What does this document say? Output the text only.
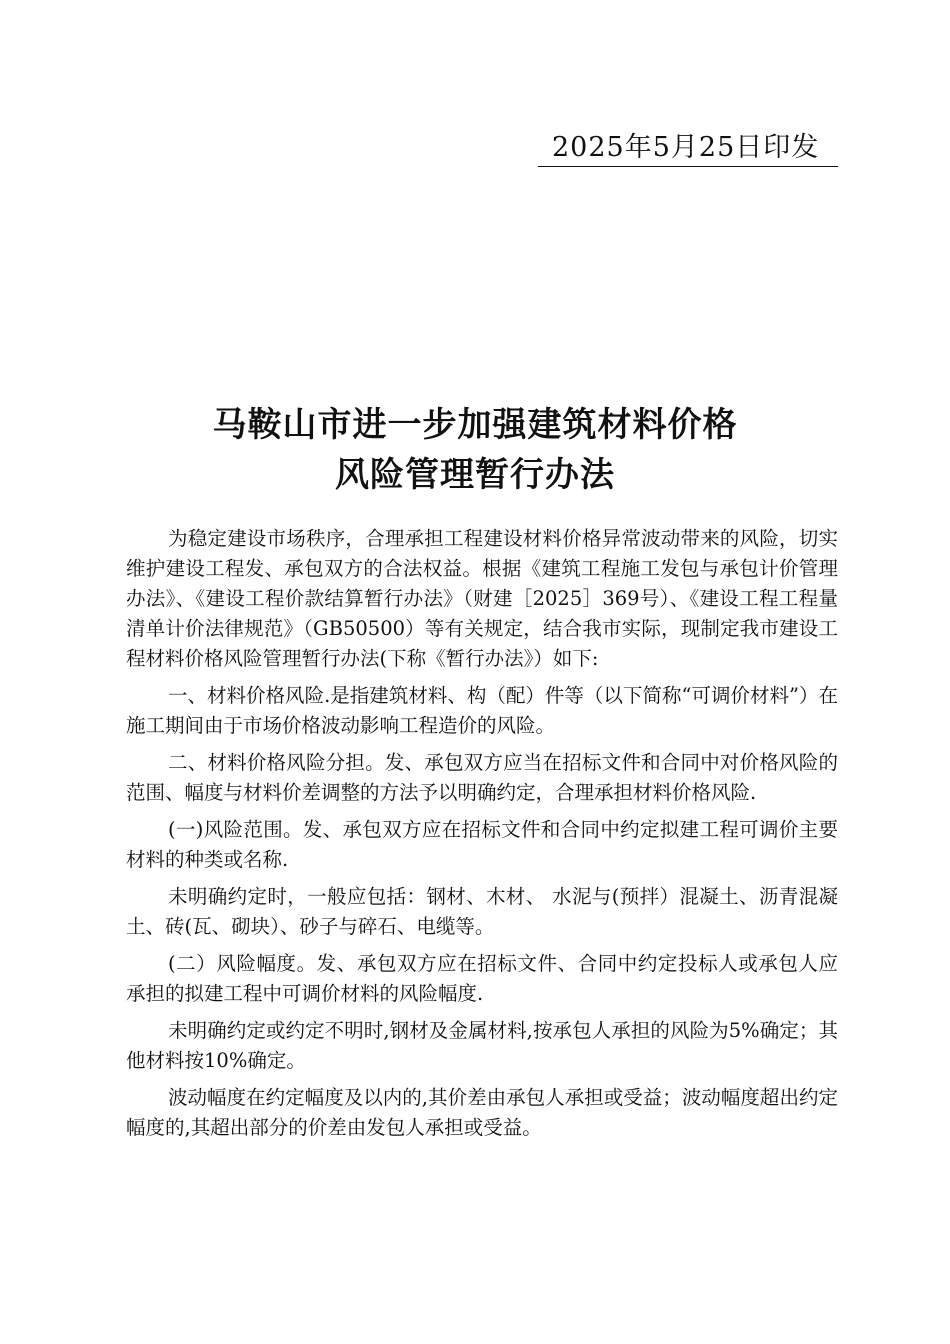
2025年5月25日印发
马鞍山市进一步加强建筑材料价格
风险管理暂行办法

为稳定建设市场秩序，合理承担工程建设材料价格异常波动带来的风险，切实维护建设工程发、承包双方的合法权益。根据《建筑工程施工发包与承包计价管理办法》、《建设工程价款结算暂行办法》（财建［2025］369号）、《建设工程工程量清单计价法律规范》（GB50500）等有关规定，结合我市实际，现制定我市建设工程材料价格风险管理暂行办法(下称《暂行办法》）如下:

一、材料价格风险.是指建筑材料、构（配）件等（以下简称“可调价材料”）在施工期间由于市场价格波动影响工程造价的风险。

二、材料价格风险分担。发、承包双方应当在招标文件和合同中对价格风险的范围、幅度与材料价差调整的方法予以明确约定，合理承担材料价格风险.

(一)风险范围。发、承包双方应在招标文件和合同中约定拟建工程可调价主要材料的种类或名称.

未明确约定时，一般应包括：钢材、木材、 水泥与(预拌）混凝土、沥青混凝土、砖(瓦、砌块）、砂子与碎石、电缆等。

(二）风险幅度。发、承包双方应在招标文件、合同中约定投标人或承包人应承担的拟建工程中可调价材料的风险幅度.

未明确约定或约定不明时,钢材及金属材料,按承包人承担的风险为5%确定；其他材料按10%确定。

波动幅度在约定幅度及以内的,其价差由承包人承担或受益；波动幅度超出约定幅度的,其超出部分的价差由发包人承担或受益。
